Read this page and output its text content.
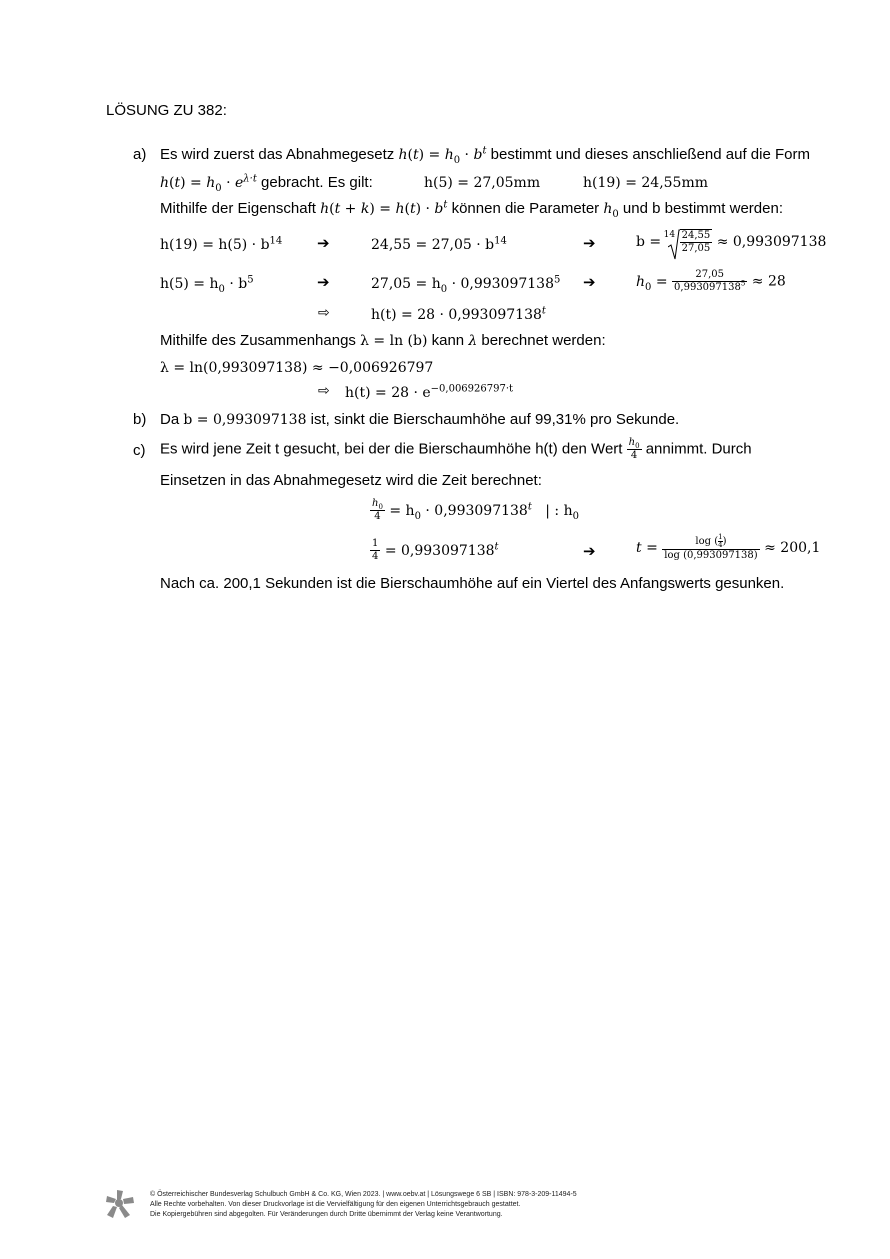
LÖSUNG ZU 382:
a) Es wird zuerst das Abnahmegesetz $h(t) = h_0 \cdot b^t$ bestimmt und dieses anschließend auf die Form
$h(t) = h_0 \cdot e^{\lambda\cdot t}$ gebracht. Es gilt:	h(5) = 27,05mm	h(19) = 24,55mm
Mithilfe der Eigenschaft $h(t + k) = h(t) \cdot b^t$ können die Parameter $h_0$ und b bestimmt werden:
$h(19) = h(5) \cdot b^{14}$ ➔	$24,55 = 27,05 \cdot b^{14}$	➔	$b = 14 \frac{24,55}{27,05} \approx 0,993097138$
$h(5) = h_0 \cdot b^5$	➔	$27,05 = h_0 \cdot 0,993097138^5$ ➔	$h_0 = \frac{27,05}{0,993097138^5} \approx 28$
⇨	$h(t) = 28 \cdot 0,993097138^t$
Mithilfe des Zusammenhangs λ = ln (b) kann λ berechnet werden:
λ = ln(0,993097138) ≈ −0,006926797
⇨ $h(t) = 28 \cdot e^{-0,006926797\cdot t}$
b) Da b = 0,993097138 ist, sinkt die Bierschaumhöhe auf 99,31% pro Sekunde.
c) Es wird jene Zeit t gesucht, bei der die Bierschaumhöhe h(t) den Wert $\frac{h_0}{4}$ annimmt. Durch
Einsetzen in das Abnahmegesetz wird die Zeit berechnet:
$\frac{h_0}{4} = h_0 \cdot 0,993097138^t$ | : $h_0$
$\frac{1}{4} = 0,993097138^t$	➔	$t = \frac{\log ( \frac{1}{4} )}{\log (0,993097138)} \approx 200,1$
Nach ca. 200,1 Sekunden ist die Bierschaumhöhe auf ein Viertel des Anfangswerts gesunken.
© Österreichischer Bundesverlag Schulbuch GmbH & Co. KG, Wien 2023. | www.oebv.at | Lösungswege 6 SB | ISBN: 978-3-209-11494-5
Alle Rechte vorbehalten. Von dieser Druckvorlage ist die Vervielfältigung für den eigenen Unterrichtsgebrauch gestattet.
Die Kopiergebühren sind abgegolten. Für Veränderungen durch Dritte übernimmt der Verlag keine Verantwortung.
